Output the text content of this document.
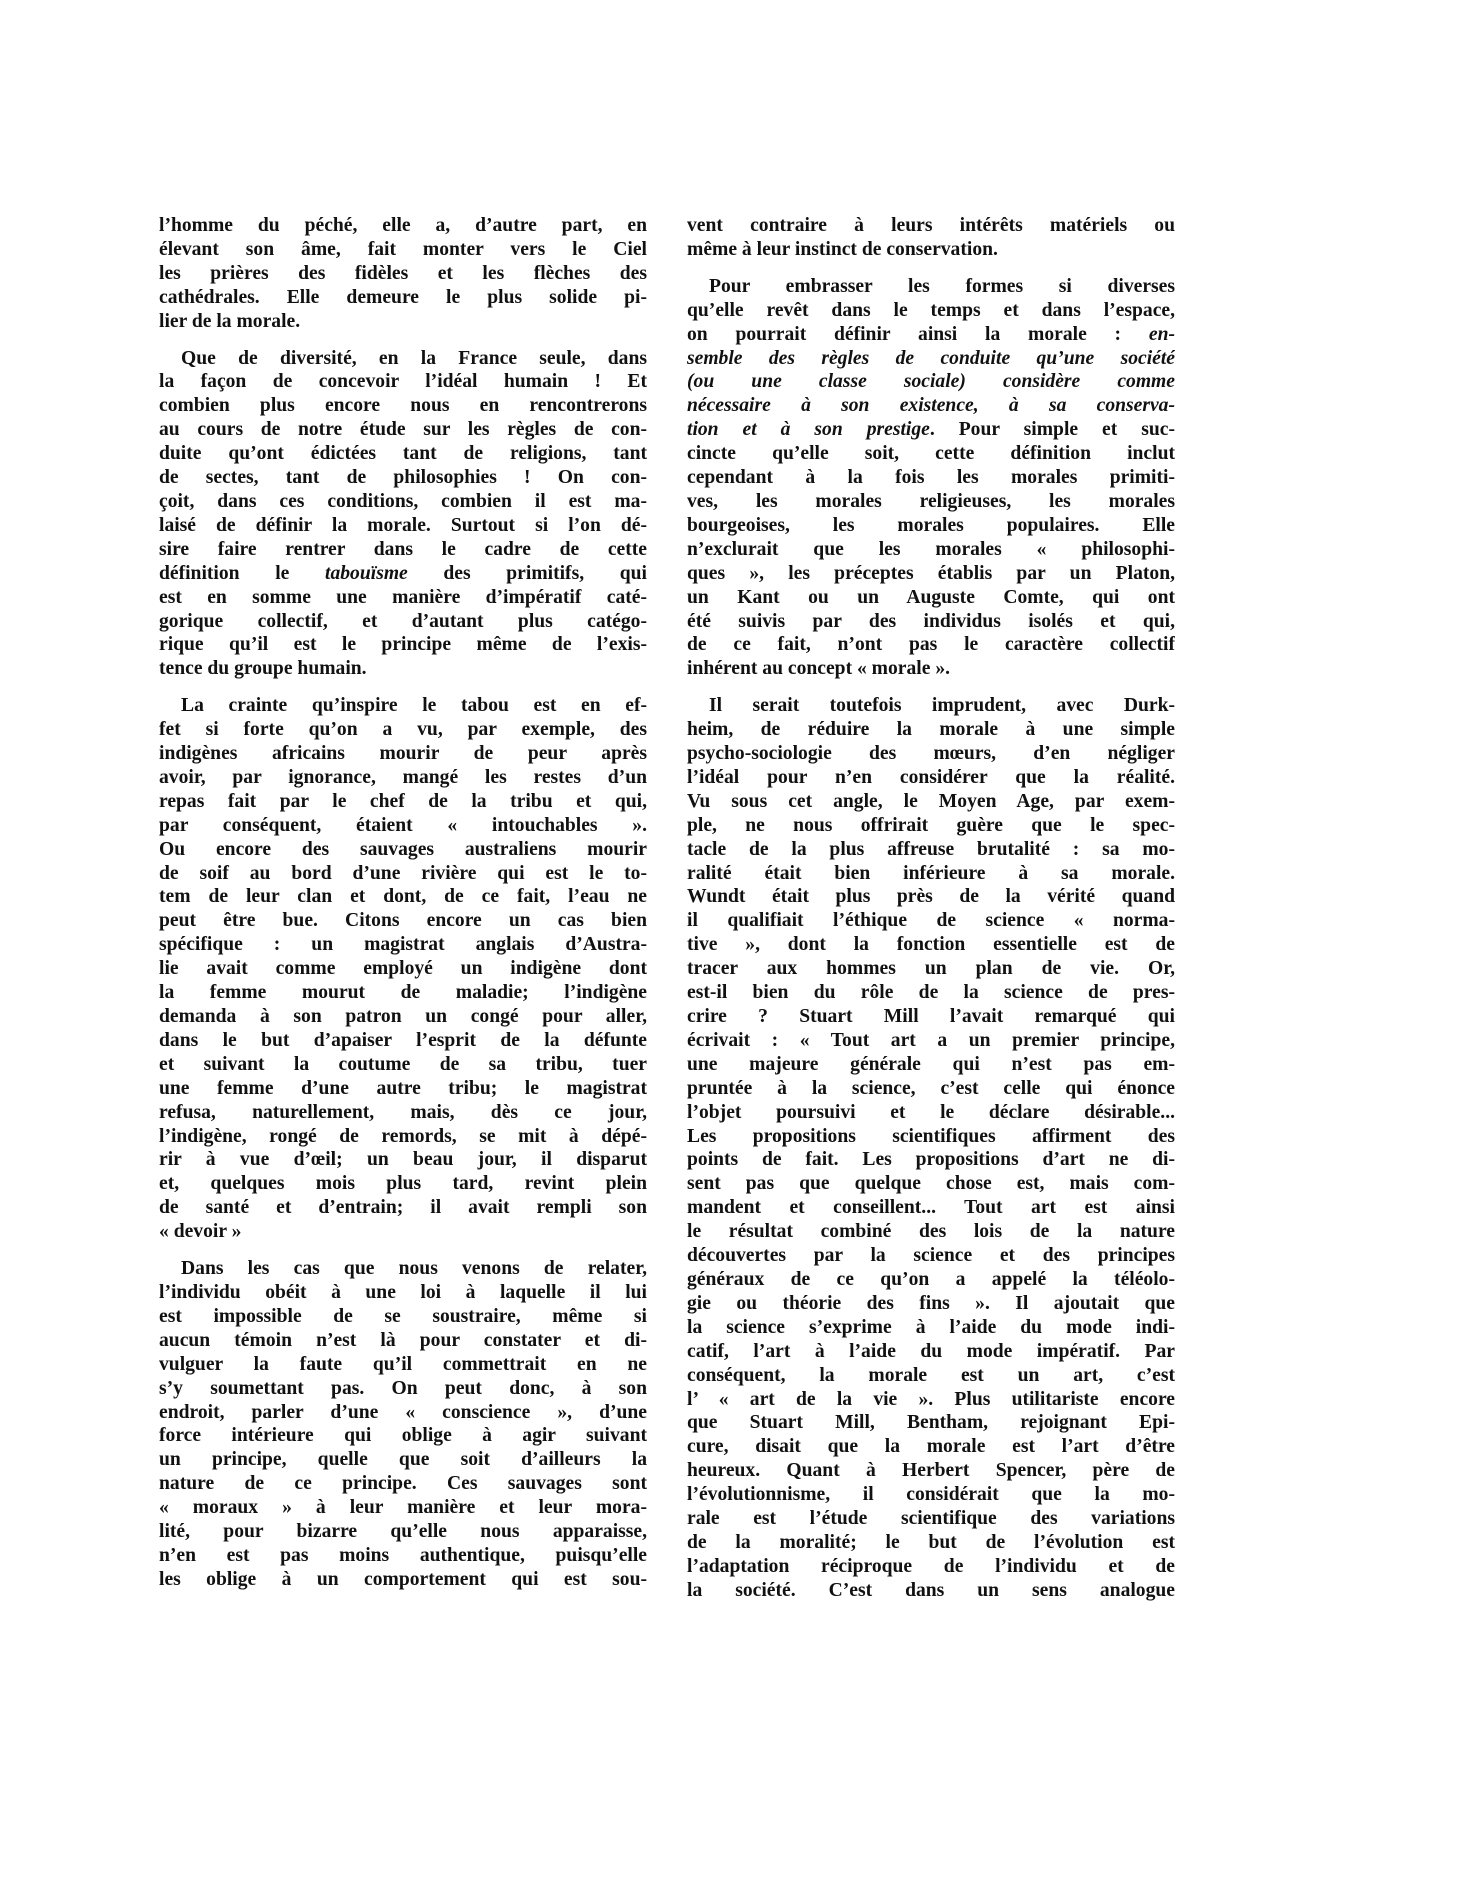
l’homme du péché, elle a, d’autre part, en
élevant son âme, fait monter vers le Ciel
les prières des fidèles et les flèches des
cathédrales. Elle demeure le plus solide pi-
lier de la morale.
Que de diversité, en la France seule, dans
la façon de concevoir l’idéal humain ! Et
combien plus encore nous en rencontrerons
au cours de notre étude sur les règles de con-
duite qu’ont édictées tant de religions, tant
de sectes, tant de philosophies ! On con-
çoit, dans ces conditions, combien il est ma-
laisé de définir la morale. Surtout si l’on dé-
sire faire rentrer dans le cadre de cette
définition le tabouïsme des primitifs, qui
est en somme une manière d’impératif caté-
gorique collectif, et d’autant plus catégo-
rique qu’il est le principe même de l’exis-
tence du groupe humain.
La crainte qu’inspire le tabou est en ef-
fet si forte qu’on a vu, par exemple, des
indigènes africains mourir de peur après
avoir, par ignorance, mangé les restes d’un
repas fait par le chef de la tribu et qui,
par conséquent, étaient « intouchables ».
Ou encore des sauvages australiens mourir
de soif au bord d’une rivière qui est le to-
tem de leur clan et dont, de ce fait, l’eau ne
peut être bue. Citons encore un cas bien
spécifique : un magistrat anglais d’Austra-
lie avait comme employé un indigène dont
la femme mourut de maladie; l’indigène
demanda à son patron un congé pour aller,
dans le but d’apaiser l’esprit de la défunte
et suivant la coutume de sa tribu, tuer
une femme d’une autre tribu; le magistrat
refusa, naturellement, mais, dès ce jour,
l’indigène, rongé de remords, se mit à dépé-
rir à vue d’œil; un beau jour, il disparut
et, quelques mois plus tard, revint plein
de santé et d’entrain; il avait rempli son
« devoir »
Dans les cas que nous venons de relater,
l’individu obéit à une loi à laquelle il lui
est impossible de se soustraire, même si
aucun témoin n’est là pour constater et di-
vulguer la faute qu’il commettrait en ne
s’y soumettant pas. On peut donc, à son
endroit, parler d’une « conscience », d’une
force intérieure qui oblige à agir suivant
un principe, quelle que soit d’ailleurs la
nature de ce principe. Ces sauvages sont
« moraux » à leur manière et leur mora-
lité, pour bizarre qu’elle nous apparaisse,
n’en est pas moins authentique, puisqu’elle
les oblige à un comportement qui est sou-
vent contraire à leurs intérêts matériels ou
même à leur instinct de conservation.
Pour embrasser les formes si diverses
qu’elle revêt dans le temps et dans l’espace,
on pourrait définir ainsi la morale : en-
semble des règles de conduite qu’une société
(ou une classe sociale) considère comme
nécessaire à son existence, à sa conserva-
tion et à son prestige. Pour simple et suc-
cincte qu’elle soit, cette définition inclut
cependant à la fois les morales primiti-
ves, les morales religieuses, les morales
bourgeoises, les morales populaires. Elle
n’exclurait que les morales « philosophi-
ques », les préceptes établis par un Platon,
un Kant ou un Auguste Comte, qui ont
été suivis par des individus isolés et qui,
de ce fait, n’ont pas le caractère collectif
inhérent au concept « morale ».
Il serait toutefois imprudent, avec Durk-
heim, de réduire la morale à une simple
psycho-sociologie des mœurs, d’en négliger
l’idéal pour n’en considérer que la réalité.
Vu sous cet angle, le Moyen Age, par exem-
ple, ne nous offrirait guère que le spec-
tacle de la plus affreuse brutalité : sa mo-
ralité était bien inférieure à sa morale.
Wundt était plus près de la vérité quand
il qualifiait l’éthique de science « norma-
tive », dont la fonction essentielle est de
tracer aux hommes un plan de vie. Or,
est-il bien du rôle de la science de pres-
crire ? Stuart Mill l’avait remarqué qui
écrivait : « Tout art a un premier principe,
une majeure générale qui n’est pas em-
pruntée à la science, c’est celle qui énonce
l’objet poursuivi et le déclare désirable...
Les propositions scientifiques affirment des
points de fait. Les propositions d’art ne di-
sent pas que quelque chose est, mais com-
mandent et conseillent... Tout art est ainsi
le résultat combiné des lois de la nature
découvertes par la science et des principes
généraux de ce qu’on a appelé la téléolo-
gie ou théorie des fins ». Il ajoutait que
la science s’exprime à l’aide du mode indi-
catif, l’art à l’aide du mode impératif. Par
conséquent, la morale est un art, c’est
l’ « art de la vie ». Plus utilitariste encore
que Stuart Mill, Bentham, rejoignant Epi-
cure, disait que la morale est l’art d’être
heureux. Quant à Herbert Spencer, père de
l’évolutionnisme, il considérait que la mo-
rale est l’étude scientifique des variations
de la moralité; le but de l’évolution est
l’adaptation réciproque de l’individu et de
la société. C’est dans un sens analogue
